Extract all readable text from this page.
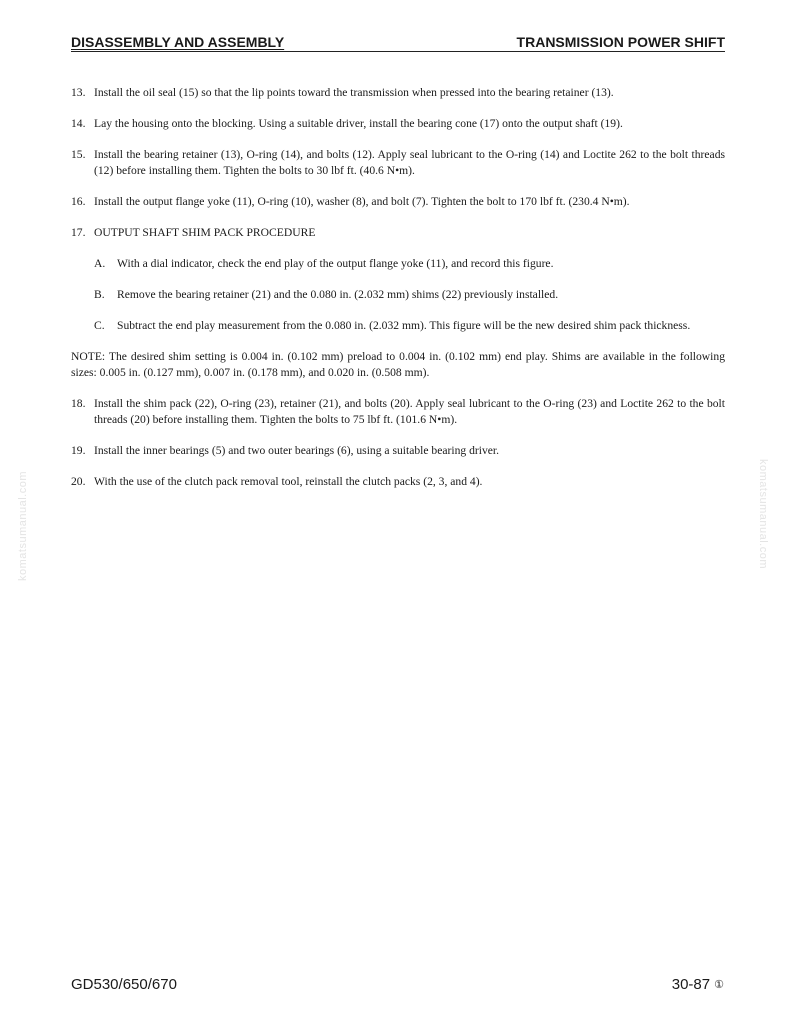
DISASSEMBLY AND ASSEMBLY	TRANSMISSION POWER SHIFT
13. Install the oil seal (15) so that the lip points toward the transmission when pressed into the bearing retainer (13).
14. Lay the housing onto the blocking. Using a suitable driver, install the bearing cone (17) onto the output shaft (19).
15. Install the bearing retainer (13), O-ring (14), and bolts (12). Apply seal lubricant to the O-ring (14) and Loctite 262 to the bolt threads (12) before installing them. Tighten the bolts to 30 lbf ft. (40.6 N•m).
16. Install the output flange yoke (11), O-ring (10), washer (8), and bolt (7). Tighten the bolt to 170 lbf ft. (230.4 N•m).
17. OUTPUT SHAFT SHIM PACK PROCEDURE
A.	With a dial indicator, check the end play of the output flange yoke (11), and record this figure.
B.	Remove the bearing retainer (21) and the 0.080 in. (2.032 mm) shims (22) previously installed.
C.	Subtract the end play measurement from the 0.080 in. (2.032 mm). This figure will be the new desired shim pack thickness.
NOTE: The desired shim setting is 0.004 in. (0.102 mm) preload to 0.004 in. (0.102 mm) end play. Shims are available in the following sizes: 0.005 in. (0.127 mm), 0.007 in. (0.178 mm), and 0.020 in. (0.508 mm).
18. Install the shim pack (22), O-ring (23), retainer (21), and bolts (20). Apply seal lubricant to the O-ring (23) and Loctite 262 to the bolt threads (20) before installing them. Tighten the bolts to 75 lbf ft. (101.6 N•m).
19. Install the inner bearings (5) and two outer bearings (6), using a suitable bearing driver.
20. With the use of the clutch pack removal tool, reinstall the clutch packs (2, 3, and 4).
komatsumanual.com	komatsumanual.com
GD530/650/670	30-87 ①
